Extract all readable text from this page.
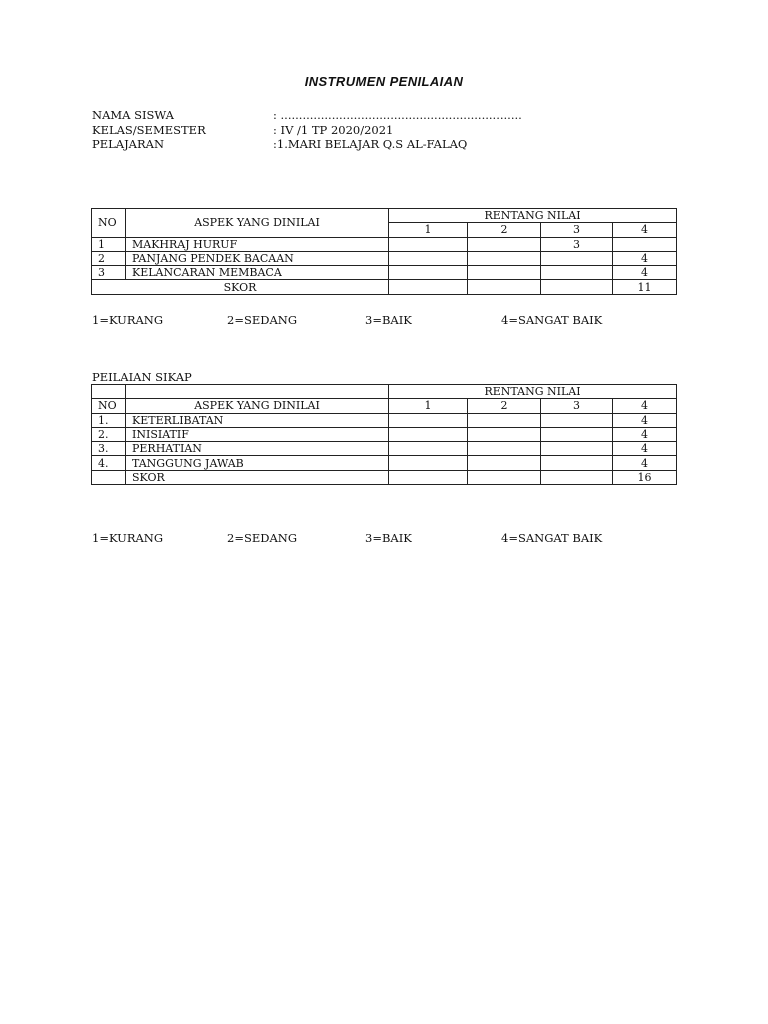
INSTRUMEN PENILAIAN
NAMA SISWA	: ..................................................................
KELAS/SEMESTER	: IV /1 TP 2020/2021
PELAJARAN	:1.MARI BELAJAR Q.S AL-FALAQ
NO	ASPEK YANG DINILAI	RENTANG NILAI			
		1	2	3	4
1	MAKHRAJ HURUF			3	
2	PANJANG PENDEK BACAAN				4
3	KELANCARAN MEMBACA				4
SKOR					11
1=KURANG	2=SEDANG	3=BAIK	4=SANGAT BAIK
PEILAIAN SIKAP
		RENTANG NILAI			
NO	ASPEK YANG DINILAI	1	2	3	4
1.	KETERLIBATAN				4
2.	INISIATIF				4
3.	PERHATIAN				4
4.	TANGGUNG JAWAB				4
	SKOR				16
1=KURANG	2=SEDANG	3=BAIK	4=SANGAT BAIK
